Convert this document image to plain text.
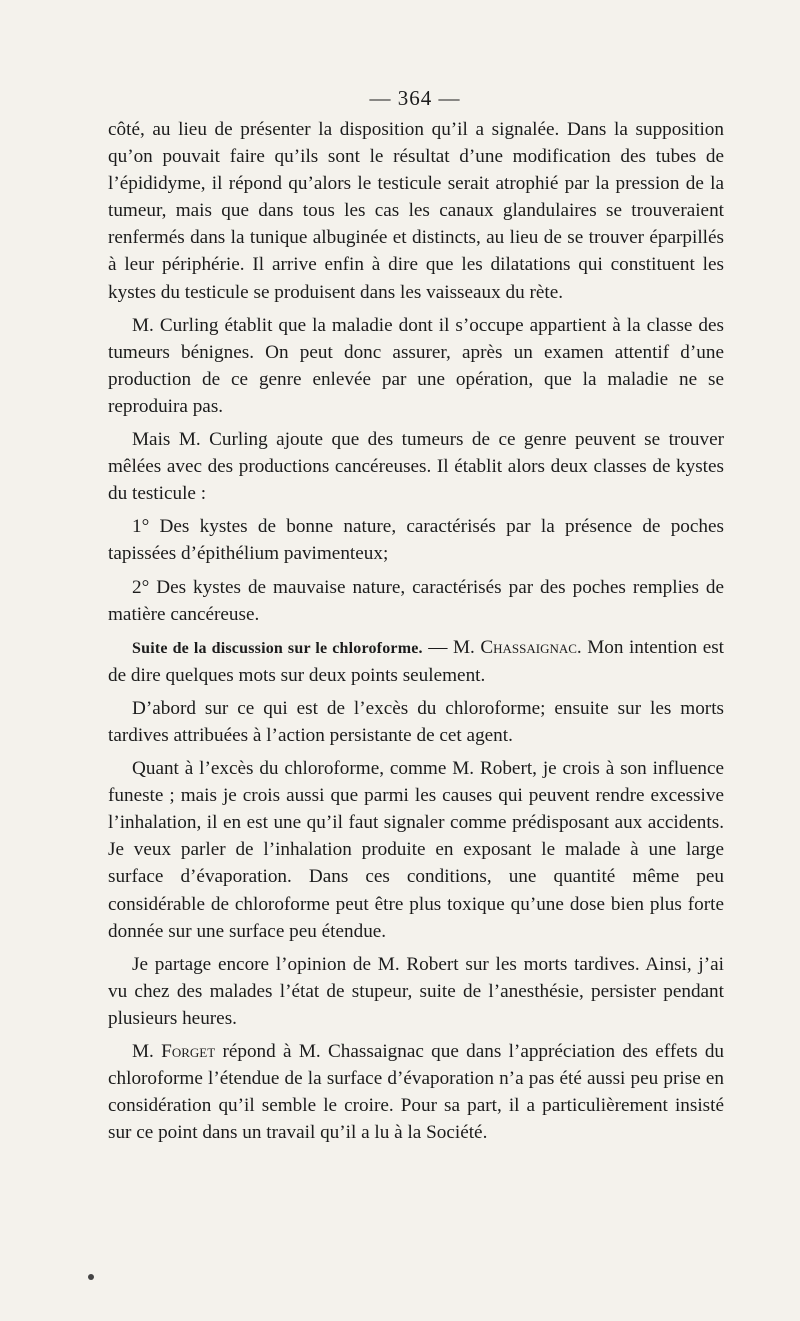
— 364 —

côté, au lieu de présenter la disposition qu’il a signalée. Dans la supposition qu’on pouvait faire qu’ils sont le résultat d’une modification des tubes de l’épididyme, il répond qu’alors le testicule serait atrophié par la pression de la tumeur, mais que dans tous les cas les canaux glandulaires se trouveraient renfermés dans la tunique albuginée et distincts, au lieu de se trouver éparpillés à leur périphérie. Il arrive enfin à dire que les dilatations qui constituent les kystes du testicule se produisent dans les vaisseaux du rète.

M. Curling établit que la maladie dont il s’occupe appartient à la classe des tumeurs bénignes. On peut donc assurer, après un examen attentif d’une production de ce genre enlevée par une opération, que la maladie ne se reproduira pas.

Mais M. Curling ajoute que des tumeurs de ce genre peuvent se trouver mêlées avec des productions cancéreuses. Il établit alors deux classes de kystes du testicule :

1° Des kystes de bonne nature, caractérisés par la présence de poches tapissées d’épithélium pavimenteux;

2° Des kystes de mauvaise nature, caractérisés par des poches remplies de matière cancéreuse.

Suite de la discussion sur le chloroforme. — M. Chassaignac. Mon intention est de dire quelques mots sur deux points seulement.

D’abord sur ce qui est de l’excès du chloroforme; ensuite sur les morts tardives attribuées à l’action persistante de cet agent.

Quant à l’excès du chloroforme, comme M. Robert, je crois à son influence funeste ; mais je crois aussi que parmi les causes qui peuvent rendre excessive l’inhalation, il en est une qu’il faut signaler comme prédisposant aux accidents. Je veux parler de l’inhalation produite en exposant le malade à une large surface d’évaporation. Dans ces conditions, une quantité même peu considérable de chloroforme peut être plus toxique qu’une dose bien plus forte donnée sur une surface peu étendue.

Je partage encore l’opinion de M. Robert sur les morts tardives. Ainsi, j’ai vu chez des malades l’état de stupeur, suite de l’anesthésie, persister pendant plusieurs heures.

M. Forget répond à M. Chassaignac que dans l’appréciation des effets du chloroforme l’étendue de la surface d’évaporation n’a pas été aussi peu prise en considération qu’il semble le croire. Pour sa part, il a particulièrement insisté sur ce point dans un travail qu’il a lu à la Société.
